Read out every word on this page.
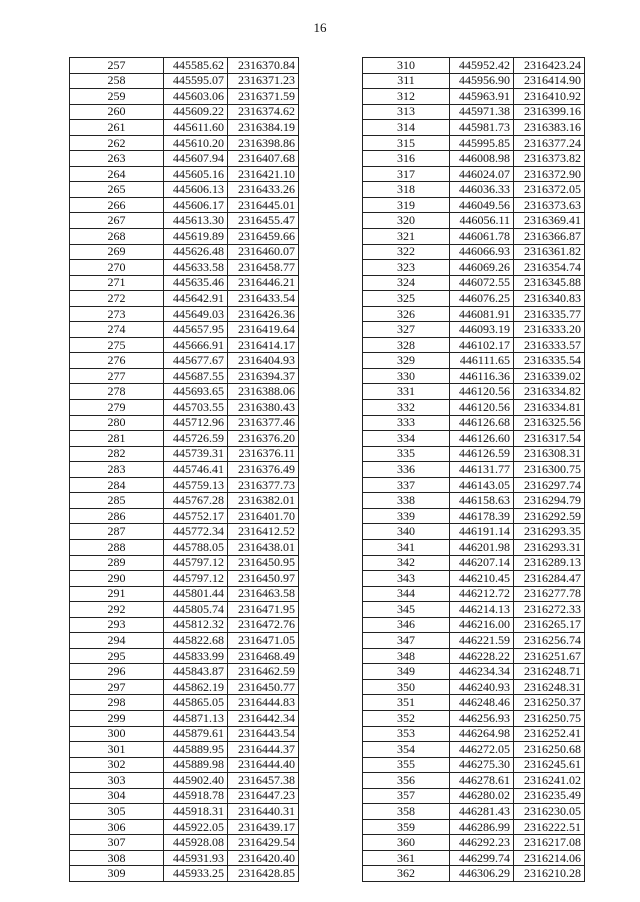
16
257	445585.62	2316370.84
258	445595.07	2316371.23
259	445603.06	2316371.59
260	445609.22	2316374.62
261	445611.60	2316384.19
262	445610.20	2316398.86
263	445607.94	2316407.68
264	445605.16	2316421.10
265	445606.13	2316433.26
266	445606.17	2316445.01
267	445613.30	2316455.47
268	445619.89	2316459.66
269	445626.48	2316460.07
270	445633.58	2316458.77
271	445635.46	2316446.21
272	445642.91	2316433.54
273	445649.03	2316426.36
274	445657.95	2316419.64
275	445666.91	2316414.17
276	445677.67	2316404.93
277	445687.55	2316394.37
278	445693.65	2316388.06
279	445703.55	2316380.43
280	445712.96	2316377.46
281	445726.59	2316376.20
282	445739.31	2316376.11
283	445746.41	2316376.49
284	445759.13	2316377.73
285	445767.28	2316382.01
286	445752.17	2316401.70
287	445772.34	2316412.52
288	445788.05	2316438.01
289	445797.12	2316450.95
290	445797.12	2316450.97
291	445801.44	2316463.58
292	445805.74	2316471.95
293	445812.32	2316472.76
294	445822.68	2316471.05
295	445833.99	2316468.49
296	445843.87	2316462.59
297	445862.19	2316450.77
298	445865.05	2316444.83
299	445871.13	2316442.34
300	445879.61	2316443.54
301	445889.95	2316444.37
302	445889.98	2316444.40
303	445902.40	2316457.38
304	445918.78	2316447.23
305	445918.31	2316440.31
306	445922.05	2316439.17
307	445928.08	2316429.54
308	445931.93	2316420.40
309	445933.25	2316428.85
310	445952.42	2316423.24
311	445956.90	2316414.90
312	445963.91	2316410.92
313	445971.38	2316399.16
314	445981.73	2316383.16
315	445995.85	2316377.24
316	446008.98	2316373.82
317	446024.07	2316372.90
318	446036.33	2316372.05
319	446049.56	2316373.63
320	446056.11	2316369.41
321	446061.78	2316366.87
322	446066.93	2316361.82
323	446069.26	2316354.74
324	446072.55	2316345.88
325	446076.25	2316340.83
326	446081.91	2316335.77
327	446093.19	2316333.20
328	446102.17	2316333.57
329	446111.65	2316335.54
330	446116.36	2316339.02
331	446120.56	2316334.82
332	446120.56	2316334.81
333	446126.68	2316325.56
334	446126.60	2316317.54
335	446126.59	2316308.31
336	446131.77	2316300.75
337	446143.05	2316297.74
338	446158.63	2316294.79
339	446178.39	2316292.59
340	446191.14	2316293.35
341	446201.98	2316293.31
342	446207.14	2316289.13
343	446210.45	2316284.47
344	446212.72	2316277.78
345	446214.13	2316272.33
346	446216.00	2316265.17
347	446221.59	2316256.74
348	446228.22	2316251.67
349	446234.34	2316248.71
350	446240.93	2316248.31
351	446248.46	2316250.37
352	446256.93	2316250.75
353	446264.98	2316252.41
354	446272.05	2316250.68
355	446275.30	2316245.61
356	446278.61	2316241.02
357	446280.02	2316235.49
358	446281.43	2316230.05
359	446286.99	2316222.51
360	446292.23	2316217.08
361	446299.74	2316214.06
362	446306.29	2316210.28
